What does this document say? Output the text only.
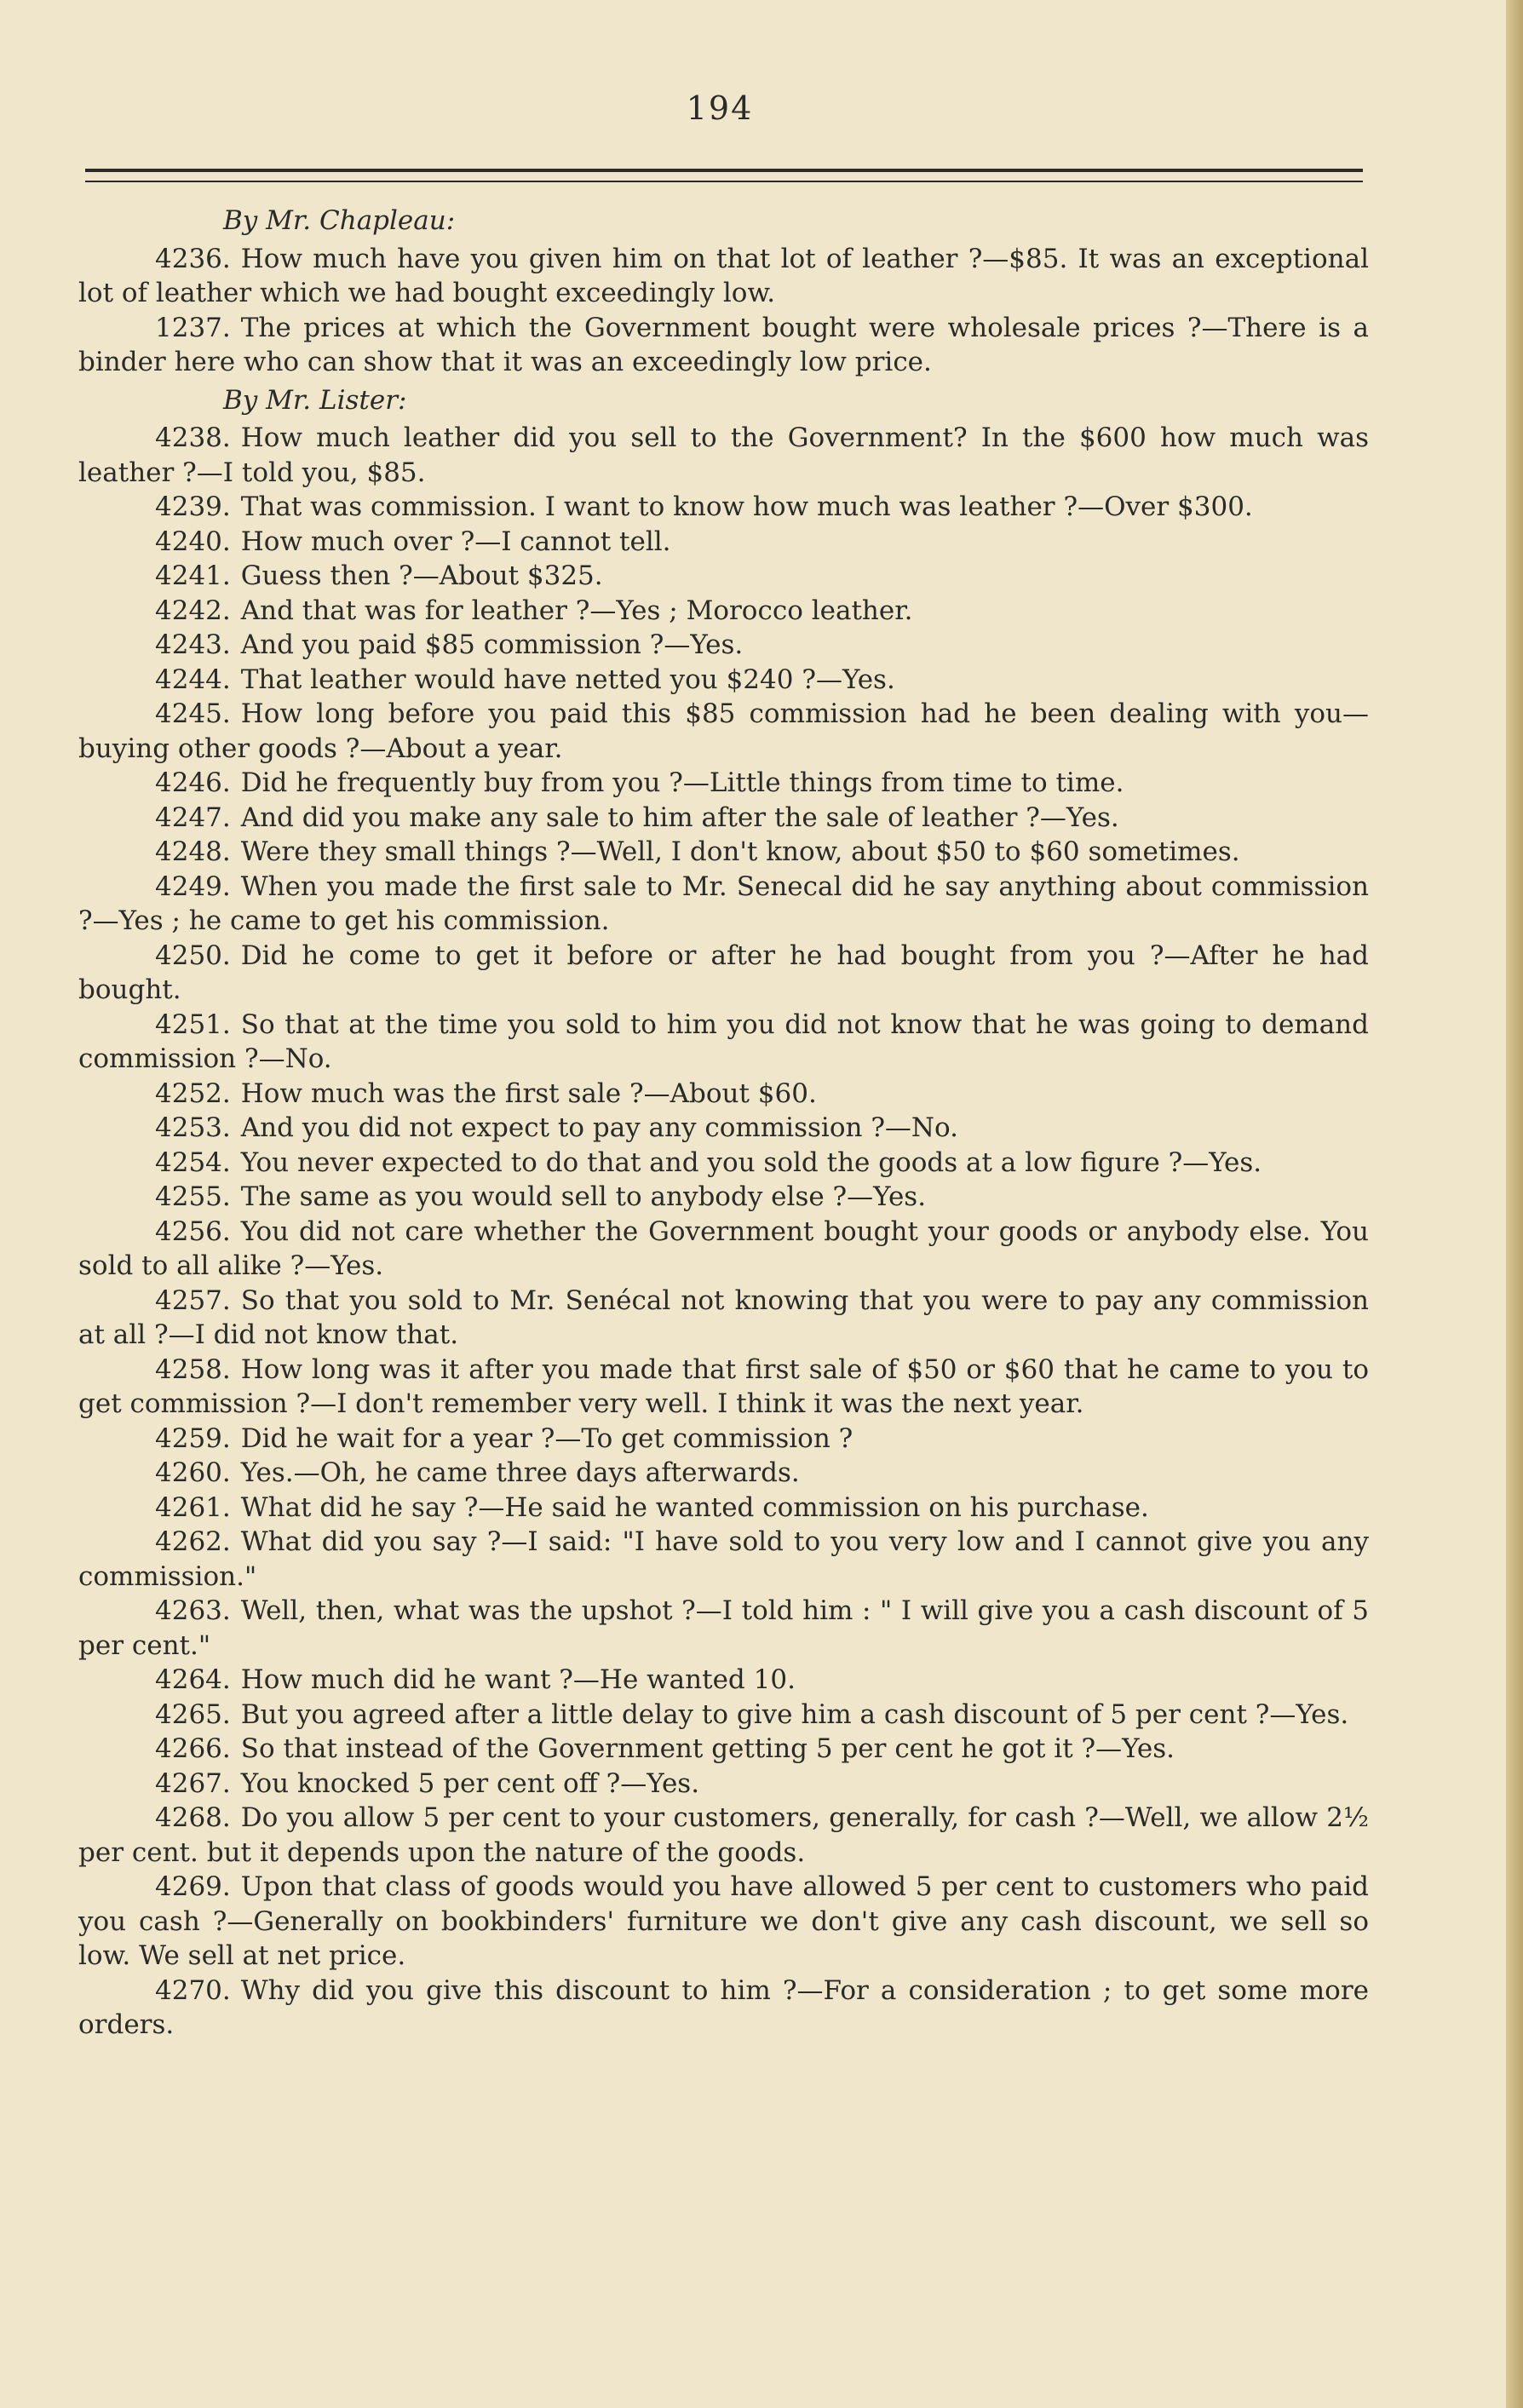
194
By Mr. Chapleau:

4236. How much have you given him on that lot of leather ?—$85. It was an exceptional lot of leather which we had bought exceedingly low.

1237. The prices at which the Government bought were wholesale prices ?—There is a binder here who can show that it was an exceedingly low price.

By Mr. Lister:

4238. How much leather did you sell to the Government? In the $600 how much was leather ?—I told you, $85.

4239. That was commission. I want to know how much was leather ?—Over $300.

4240. How much over ?—I cannot tell.

4241. Guess then ?—About $325.

4242. And that was for leather ?—Yes ; Morocco leather.

4243. And you paid $85 commission ?—Yes.

4244. That leather would have netted you $240 ?—Yes.

4245. How long before you paid this $85 commission had he been dealing with you—buying other goods ?—About a year.

4246. Did he frequently buy from you ?—Little things from time to time.

4247. And did you make any sale to him after the sale of leather ?—Yes.

4248. Were they small things ?—Well, I don't know, about $50 to $60 sometimes.

4249. When you made the first sale to Mr. Senecal did he say anything about commission ?—Yes ; he came to get his commission.

4250. Did he come to get it before or after he had bought from you ?—After he had bought.

4251. So that at the time you sold to him you did not know that he was going to demand commission ?—No.

4252. How much was the first sale ?—About $60.

4253. And you did not expect to pay any commission ?—No.

4254. You never expected to do that and you sold the goods at a low figure ?—Yes.

4255. The same as you would sell to anybody else ?—Yes.

4256. You did not care whether the Government bought your goods or anybody else. You sold to all alike ?—Yes.

4257. So that you sold to Mr. Senécal not knowing that you were to pay any commission at all ?—I did not know that.

4258. How long was it after you made that first sale of $50 or $60 that he came to you to get commission ?—I don't remember very well. I think it was the next year.

4259. Did he wait for a year ?—To get commission ?

4260. Yes.—Oh, he came three days afterwards.

4261. What did he say ?—He said he wanted commission on his purchase.

4262. What did you say ?—I said: "I have sold to you very low and I cannot give you any commission."

4263. Well, then, what was the upshot ?—I told him : " I will give you a cash discount of 5 per cent."

4264. How much did he want ?—He wanted 10.

4265. But you agreed after a little delay to give him a cash discount of 5 per cent ?—Yes.

4266. So that instead of the Government getting 5 per cent he got it ?—Yes.

4267. You knocked 5 per cent off ?—Yes.

4268. Do you allow 5 per cent to your customers, generally, for cash ?—Well, we allow 2½ per cent. but it depends upon the nature of the goods.

4269. Upon that class of goods would you have allowed 5 per cent to customers who paid you cash ?—Generally on bookbinders' furniture we don't give any cash discount, we sell so low. We sell at net price.

4270. Why did you give this discount to him ?—For a consideration ; to get some more orders.
